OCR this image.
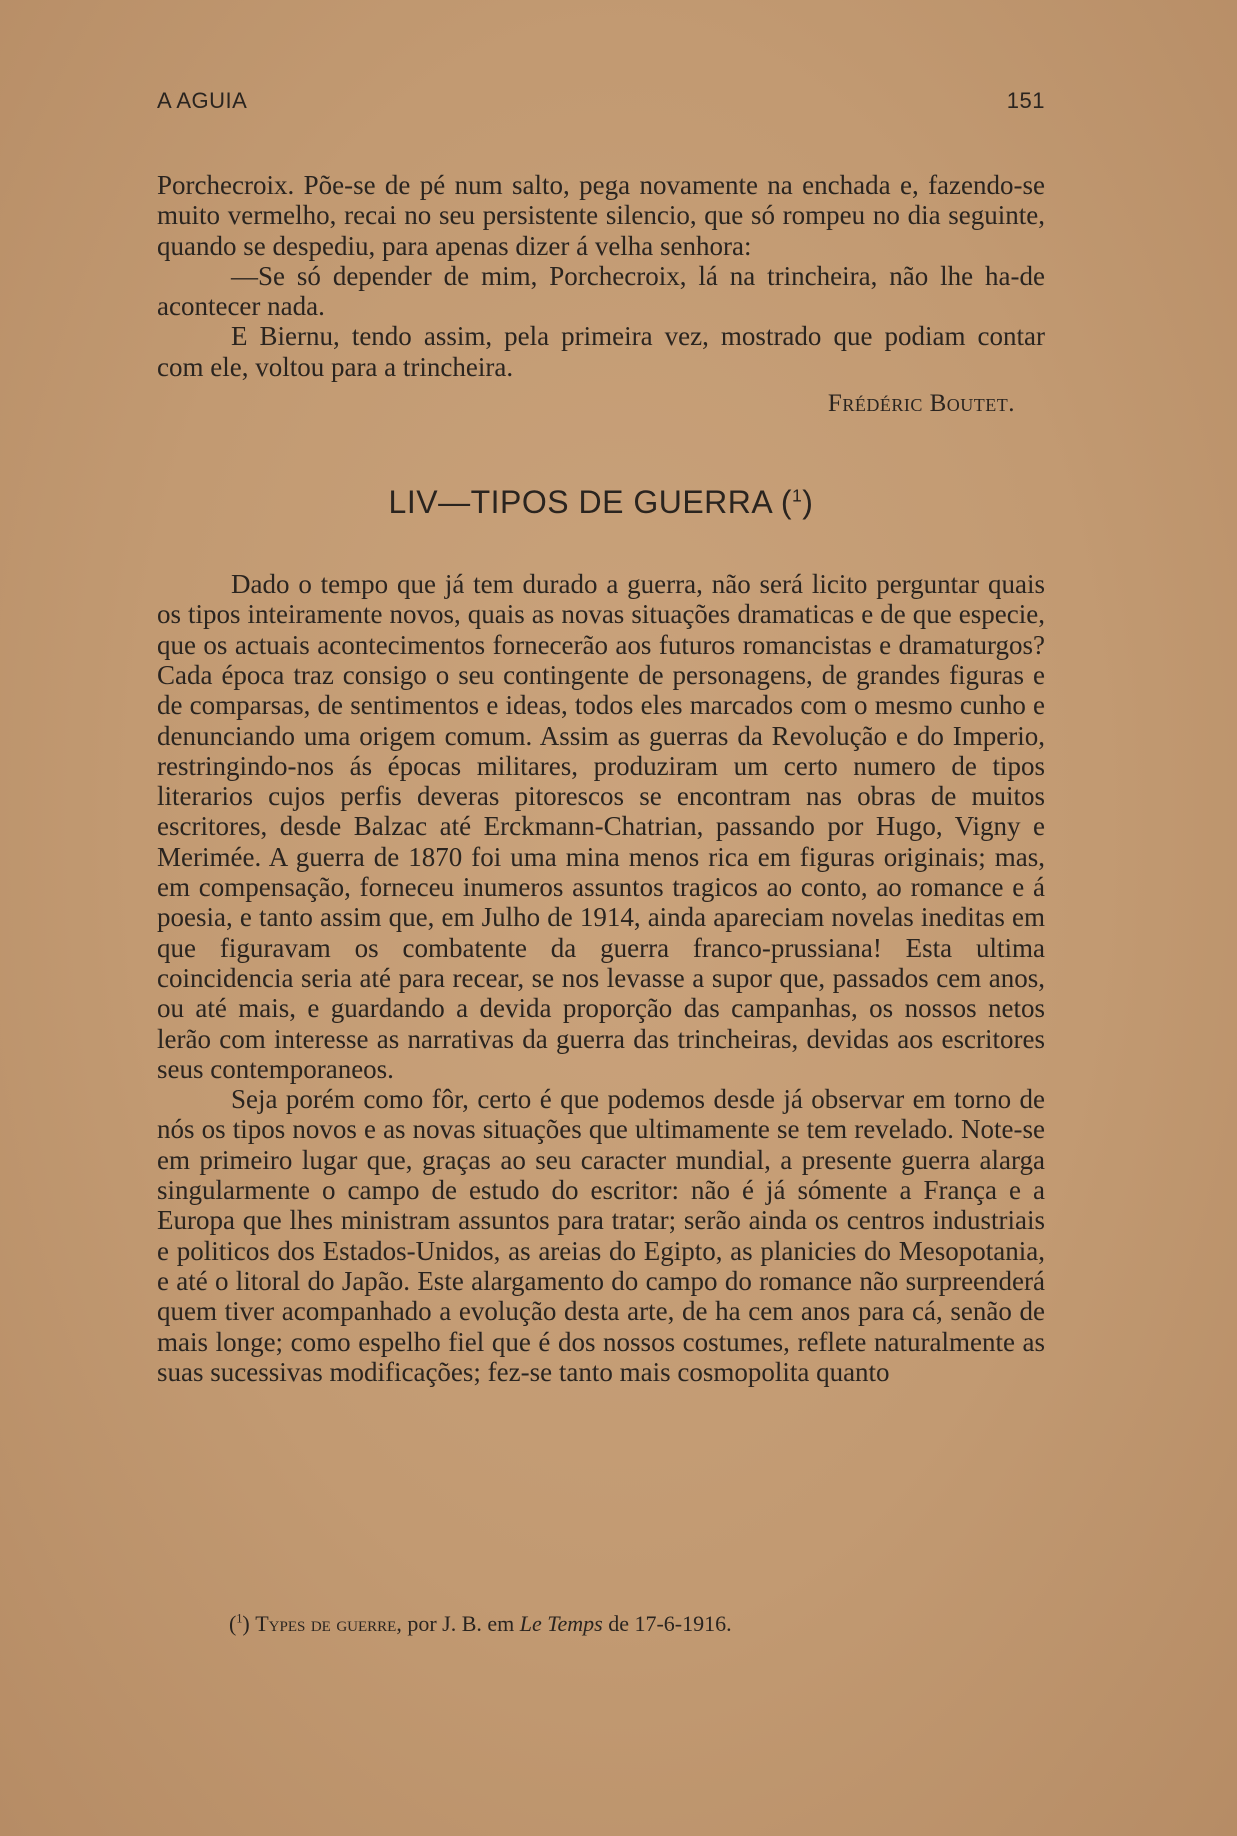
A AGUIA	151

Porchecroix. Põe-se de pé num salto, pega novamente na enchada e, fazendo-se muito vermelho, recai no seu persistente silencio, que só rompeu no dia seguinte, quando se despediu, para apenas dizer á velha senhora:

—Se só depender de mim, Porchecroix, lá na trincheira, não lhe ha-de acontecer nada.

E Biernu, tendo assim, pela primeira vez, mostrado que podiam contar com ele, voltou para a trincheira.

Frédéric Boutet.
LIV—TIPOS DE GUERRA ($^1$)

Dado o tempo que já tem durado a guerra, não será licito perguntar quais os tipos inteiramente novos, quais as novas situações dramaticas e de que especie, que os actuais acontecimentos fornecerão aos futuros romancistas e dramaturgos? Cada época traz consigo o seu contingente de personagens, de grandes figuras e de comparsas, de sentimentos e ideas, todos eles marcados com o mesmo cunho e denunciando uma origem comum. Assim as guerras da Revolução e do Imperio, restringindo-nos ás épocas militares, produziram um certo numero de tipos literarios cujos perfis deveras pitorescos se encontram nas obras de muitos escritores, desde Balzac até Erckmann-Chatrian, passando por Hugo, Vigny e Merimée. A guerra de 1870 foi uma mina menos rica em figuras originais; mas, em compensação, forneceu inumeros assuntos tragicos ao conto, ao romance e á poesia, e tanto assim que, em Julho de 1914, ainda apareciam novelas ineditas em que figuravam os combatente da guerra franco-prussiana! Esta ultima coincidencia seria até para recear, se nos levasse a supor que, passados cem anos, ou até mais, e guardando a devida proporção das campanhas, os nossos netos lerão com interesse as narrativas da guerra das trincheiras, devidas aos escritores seus contemporaneos.

Seja porém como fôr, certo é que podemos desde já observar em torno de nós os tipos novos e as novas situações que ultimamente se tem revelado. Note-se em primeiro lugar que, graças ao seu caracter mundial, a presente guerra alarga singularmente o campo de estudo do escritor: não é já sómente a França e a Europa que lhes ministram assuntos para tratar; serão ainda os centros industriais e politicos dos Estados-Unidos, as areias do Egipto, as planicies do Mesopotania, e até o litoral do Japão. Este alargamento do campo do romance não surpreenderá quem tiver acompanhado a evolução desta arte, de ha cem anos para cá, senão de mais longe; como espelho fiel que é dos nossos costumes, reflete naturalmente as suas sucessivas modificações; fez-se tanto mais cosmopolita quanto

($^1$) Types de guerre, por J. B. em Le Temps de 17-6-1916.
